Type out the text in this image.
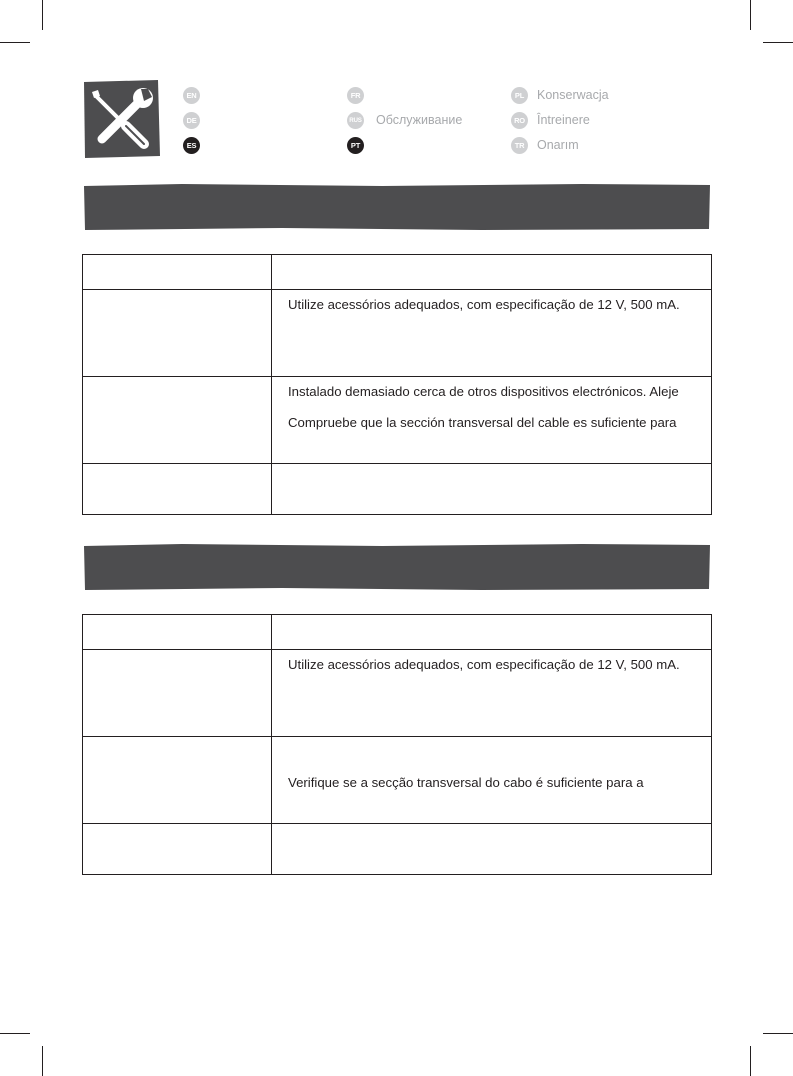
EN	FR	PL	Konserwacja
DE	RUS Обслуживание	RO Întreinere
ES	PT	TR Onarım
Utilize acessórios adequados, com especificação de 12 V, 500 mA.
Instalado demasiado cerca de otros dispositivos electrónicos. Aleje
Compruebe que la sección transversal del cable es suficiente para
Utilize acessórios adequados, com especificação de 12 V, 500 mA.
Verifique se a secção transversal do cabo é suficiente para a
